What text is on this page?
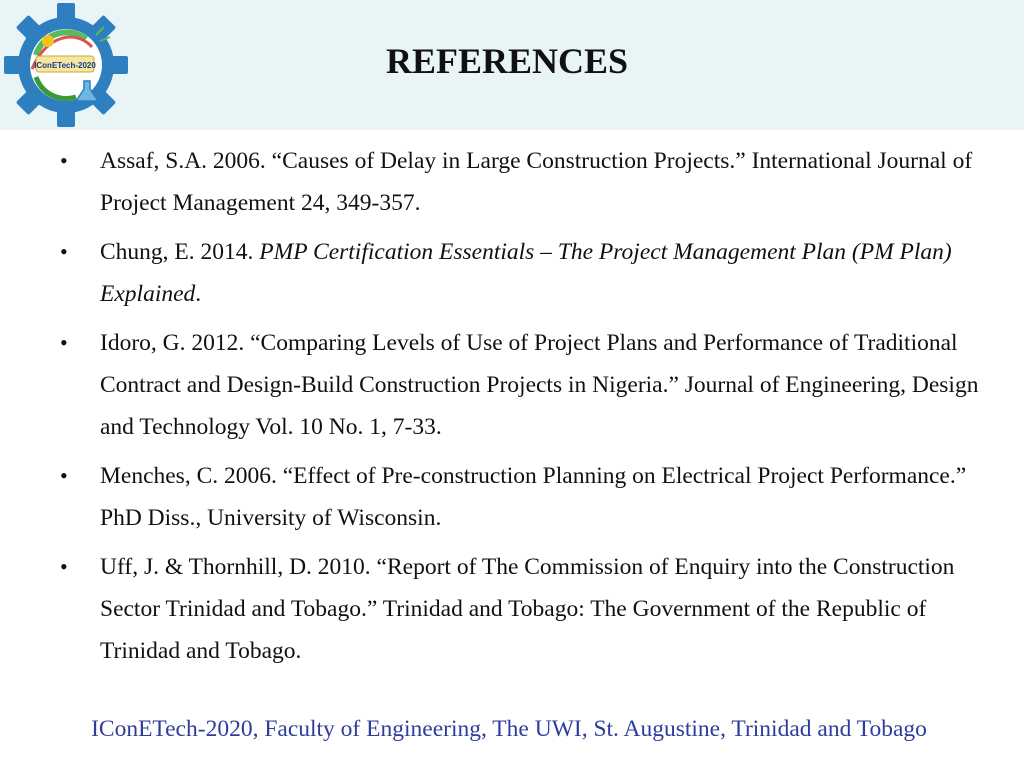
IConETech-2020	REFERENCES
• Assaf, S.A. 2006. “Causes of Delay in Large Construction Projects.” International Journal of Project Management 24, 349-357.
• Chung, E. 2014. PMP Certification Essentials – The Project Management Plan (PM Plan) Explained.
• Idoro, G. 2012. “Comparing Levels of Use of Project Plans and Performance of Traditional Contract and Design-Build Construction Projects in Nigeria.” Journal of Engineering, Design and Technology Vol. 10 No. 1, 7-33.
• Menches, C. 2006. “Effect of Pre-construction Planning on Electrical Project Performance.” PhD Diss., University of Wisconsin.
• Uff, J. & Thornhill, D. 2010. “Report of The Commission of Enquiry into the Construction Sector Trinidad and Tobago.” Trinidad and Tobago: The Government of the Republic of Trinidad and Tobago.
IConETech-2020, Faculty of Engineering, The UWI, St. Augustine, Trinidad and Tobago
